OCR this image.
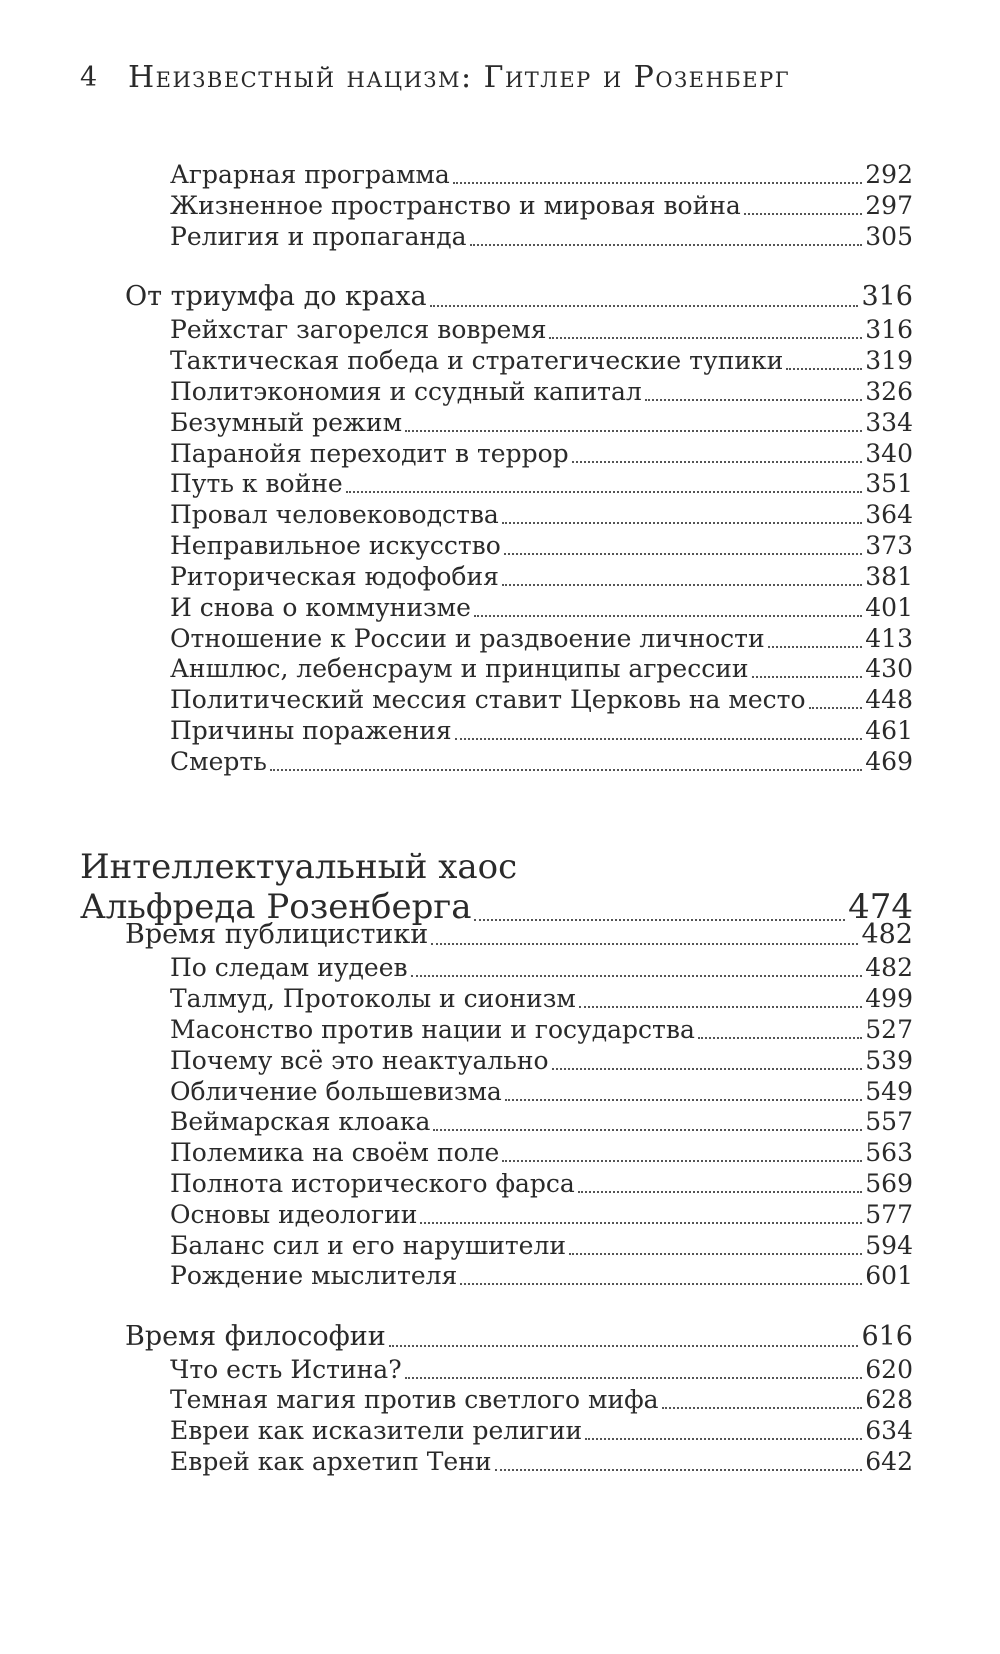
4 Неизвестный нацизм: Гитлер и Розенберг
Аграрная программа	292
Жизненное пространство и мировая война	297
Религия и пропаганда	305
От триумфа до краха	316
Рейхстаг загорелся вовремя	316
Тактическая победа и стратегические тупики	319
Политэкономия и ссудный капитал	326
Безумный режим	334
Паранойя переходит в террор	340
Путь к войне	351
Провал человеководства	364
Неправильное искусство	373
Риторическая юдофобия	381
И снова о коммунизме	401
Отношение к России и раздвоение личности	413
Аншлюс, лебенсраум и принципы агрессии	430
Политический мессия ставит Церковь на место 448
Причины поражения	461
Смерть	469
Интеллектуальный хаос
Альфреда Розенберга	474
Время публицистики	482
По следам иудеев	482
Талмуд, Протоколы и сионизм	499
Масонство против нации и государства	527
Почему всё это неактуально	539
Обличение большевизма	549
Веймарская клоака	557
Полемика на своём поле	563
Полнота исторического фарса	569
Основы идеологии	577
Баланс сил и его нарушители	594
Рождение мыслителя	601
Время философии	616
Что есть Истина?	620
Темная магия против светлого мифа	628
Евреи как исказители религии	634
Еврей как архетип Тени	642
